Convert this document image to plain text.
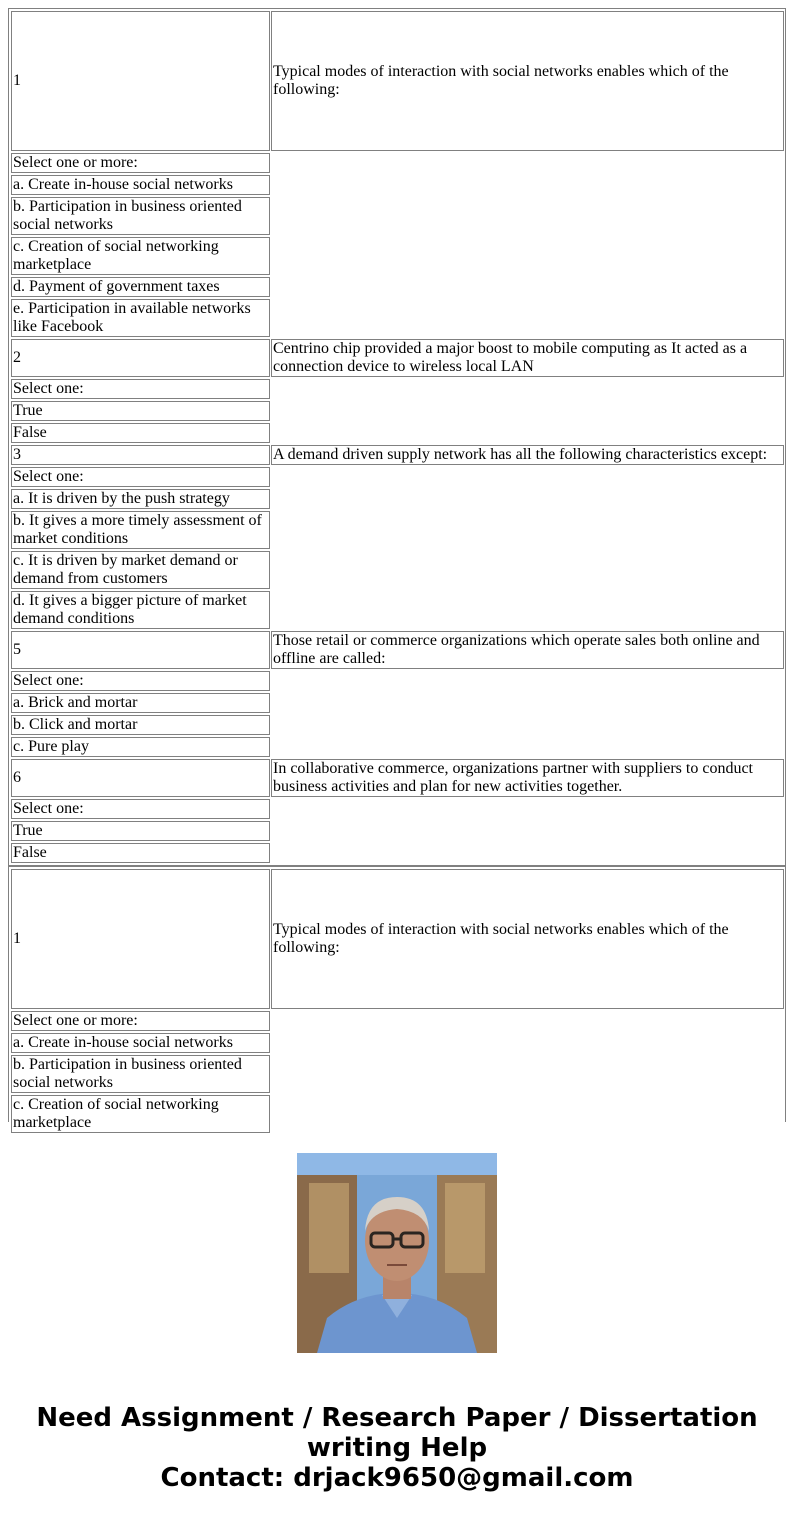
1
Typical modes of interaction with social networks enables which of the following:
Select one or more:
a. Create in-house social networks
b. Participation in business oriented social networks
c. Creation of social networking marketplace
d. Payment of government taxes
e. Participation in available networks like Facebook
2
Centrino chip provided a major boost to mobile computing as It acted as a connection device to wireless local LAN
Select one:
True
False
3	A demand driven supply network has all the following characteristics except:
Select one:
a. It is driven by the push strategy
b. It gives a more timely assessment of market conditions
c. It is driven by market demand or demand from customers
d. It gives a bigger picture of market demand conditions
5
Those retail or commerce organizations which operate sales both online and offline are called:
Select one:
a. Brick and mortar
b. Click and mortar
c. Pure play
6
In collaborative commerce, organizations partner with suppliers to conduct business activities and plan for new activities together.
Select one:
True
False
1
Typical modes of interaction with social networks enables which of the following:
Select one or more:
a. Create in-house social networks
b. Participation in business oriented social networks
c. Creation of social networking marketplace
Need Assignment / Research Paper / Dissertation
writing Help
Contact: drjack9650@gmail.com
